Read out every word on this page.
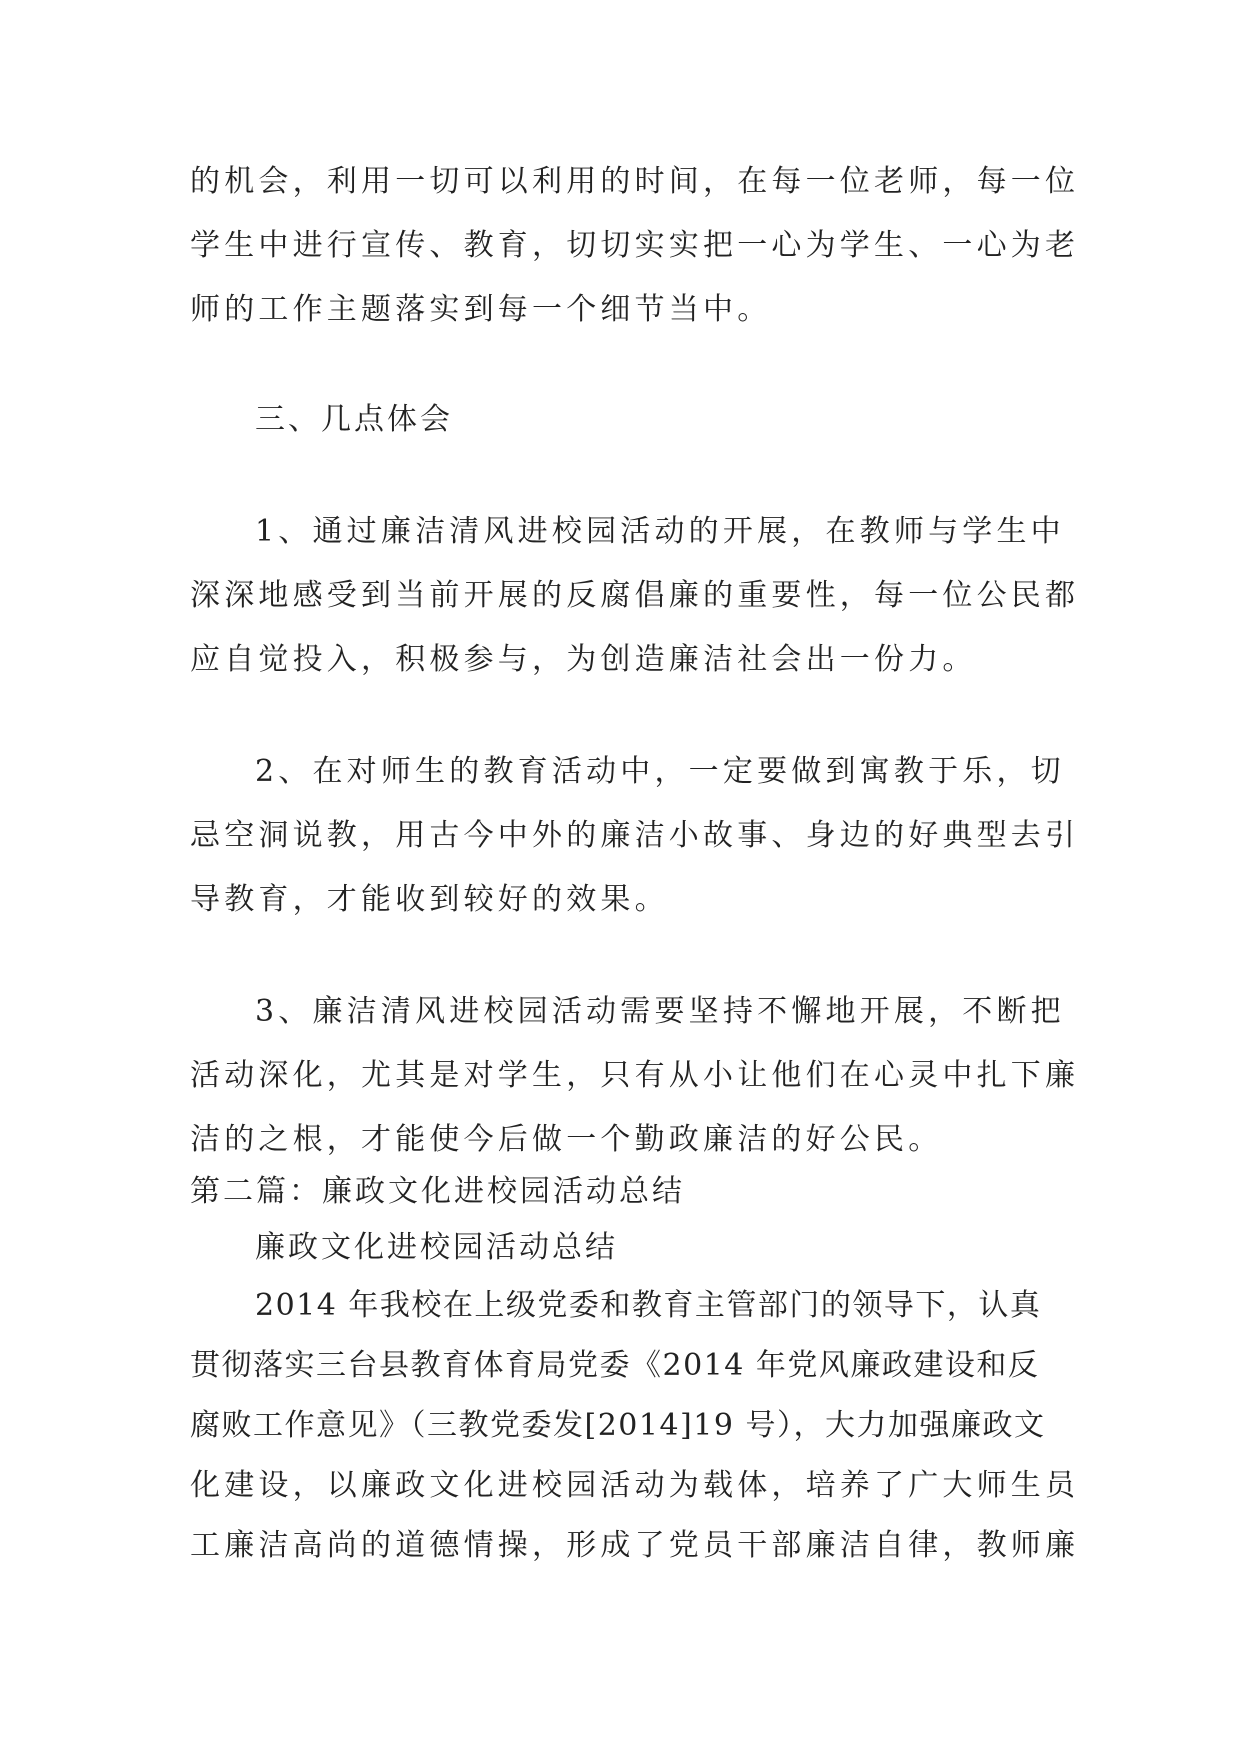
的机会，利用一切可以利用的时间，在每一位老师，每一位
学生中进行宣传、教育，切切实实把一心为学生、一心为老
师的工作主题落实到每一个细节当中。
三、几点体会
1、通过廉洁清风进校园活动的开展，在教师与学生中
深深地感受到当前开展的反腐倡廉的重要性，每一位公民都
应自觉投入，积极参与，为创造廉洁社会出一份力。
2、在对师生的教育活动中，一定要做到寓教于乐，切
忌空洞说教，用古今中外的廉洁小故事、身边的好典型去引
导教育，才能收到较好的效果。
3、廉洁清风进校园活动需要坚持不懈地开展，不断把
活动深化，尤其是对学生，只有从小让他们在心灵中扎下廉
洁的之根，才能使今后做一个勤政廉洁的好公民。
第二篇：廉政文化进校园活动总结
廉政文化进校园活动总结
2014 年我校在上级党委和教育主管部门的领导下，认真
贯彻落实三台县教育体育局党委《2014 年党风廉政建设和反
腐败工作意见》（三教党委发[2014]19 号），大力加强廉政文
化建设，以廉政文化进校园活动为载体，培养了广大师生员
工廉洁高尚的道德情操，形成了党员干部廉洁自律，教师廉
